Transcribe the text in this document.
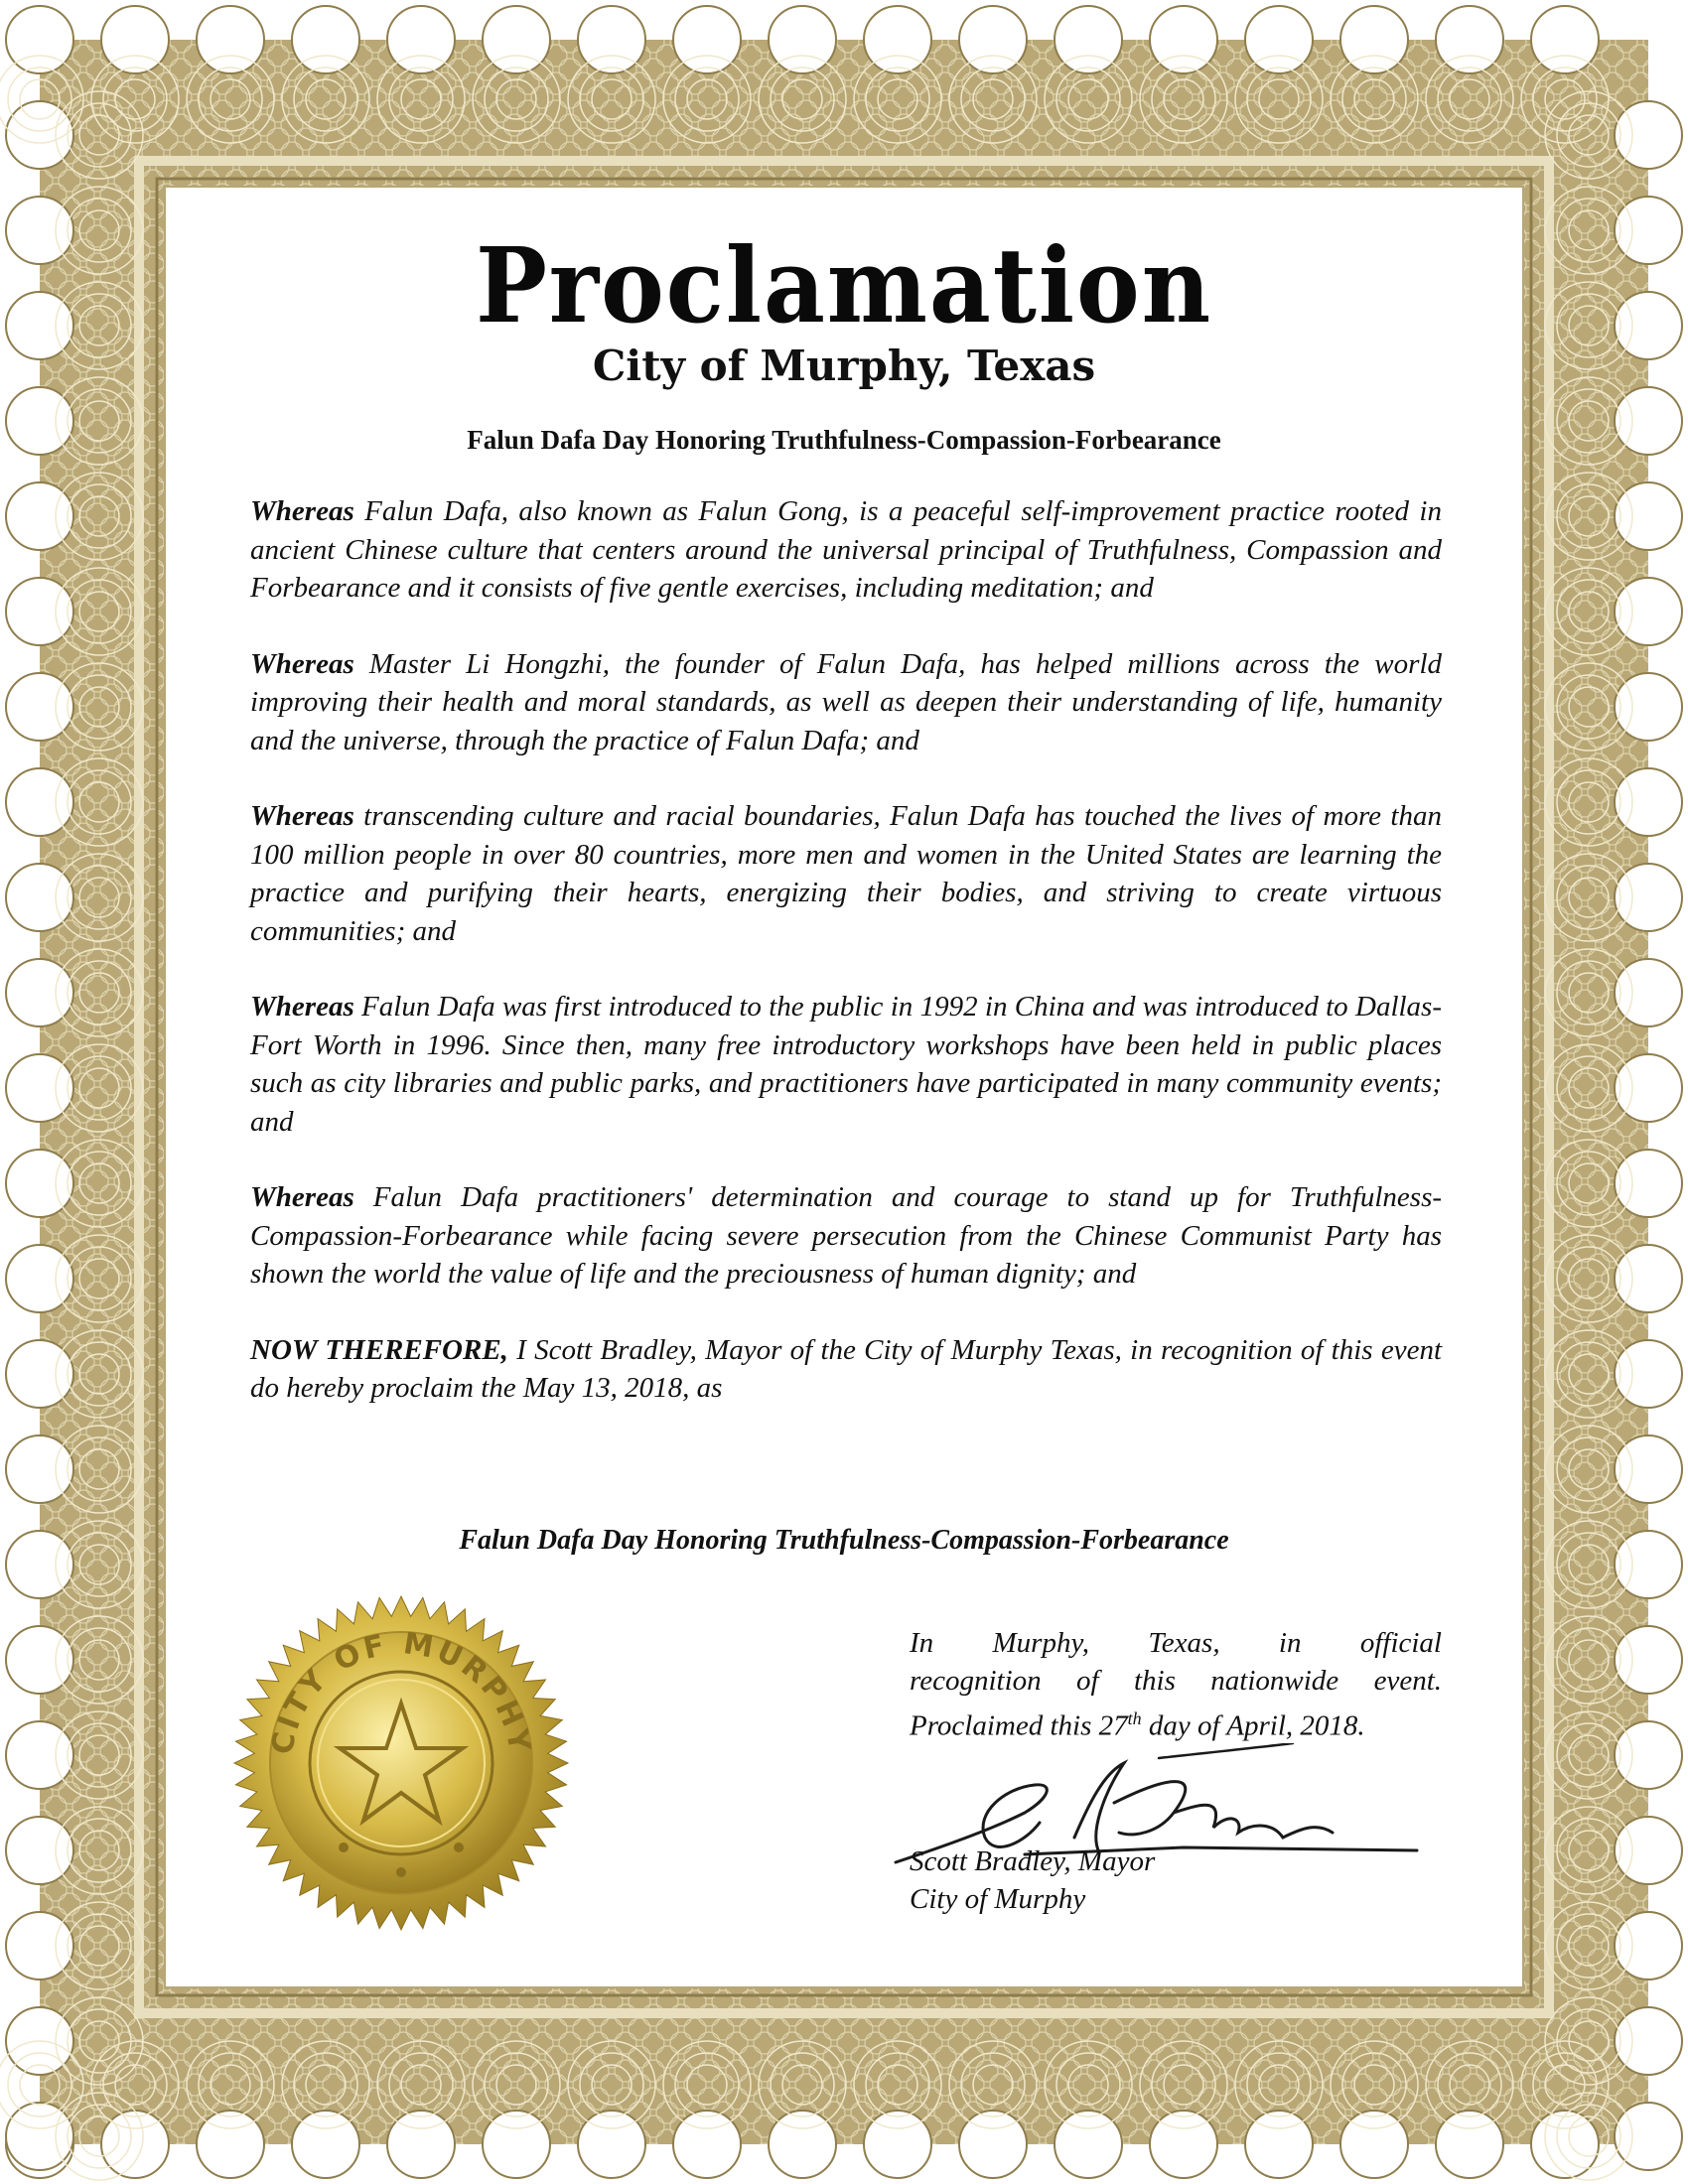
Proclamation
City of Murphy, Texas
Falun Dafa Day Honoring Truthfulness-Compassion-Forbearance

Whereas Falun Dafa, also known as Falun Gong, is a peaceful self-improvement practice rooted in ancient Chinese culture that centers around the universal principal of Truthfulness, Compassion and Forbearance and it consists of five gentle exercises, including meditation; and

Whereas Master Li Hongzhi, the founder of Falun Dafa, has helped millions across the world improving their health and moral standards, as well as deepen their understanding of life, humanity and the universe, through the practice of Falun Dafa; and

Whereas transcending culture and racial boundaries, Falun Dafa has touched the lives of more than 100 million people in over 80 countries, more men and women in the United States are learning the practice and purifying their hearts, energizing their bodies, and striving to create virtuous communities; and

Whereas Falun Dafa was first introduced to the public in 1992 in China and was introduced to Dallas-Fort Worth in 1996. Since then, many free introductory workshops have been held in public places such as city libraries and public parks, and practitioners have participated in many community events; and

Whereas Falun Dafa practitioners' determination and courage to stand up for Truthfulness-Compassion-Forbearance while facing severe persecution from the Chinese Communist Party has shown the world the value of life and the preciousness of human dignity; and

NOW THEREFORE, I Scott Bradley, Mayor of the City of Murphy Texas, in recognition of this event do hereby proclaim the May 13, 2018, as

Falun Dafa Day Honoring Truthfulness-Compassion-Forbearance
In Murphy, Texas, in official
recognition of this nationwide event.
Proclaimed this 27th day of April, 2018.
Scott Bradley, Mayor
City of Murphy
CITY OF MURPHY
